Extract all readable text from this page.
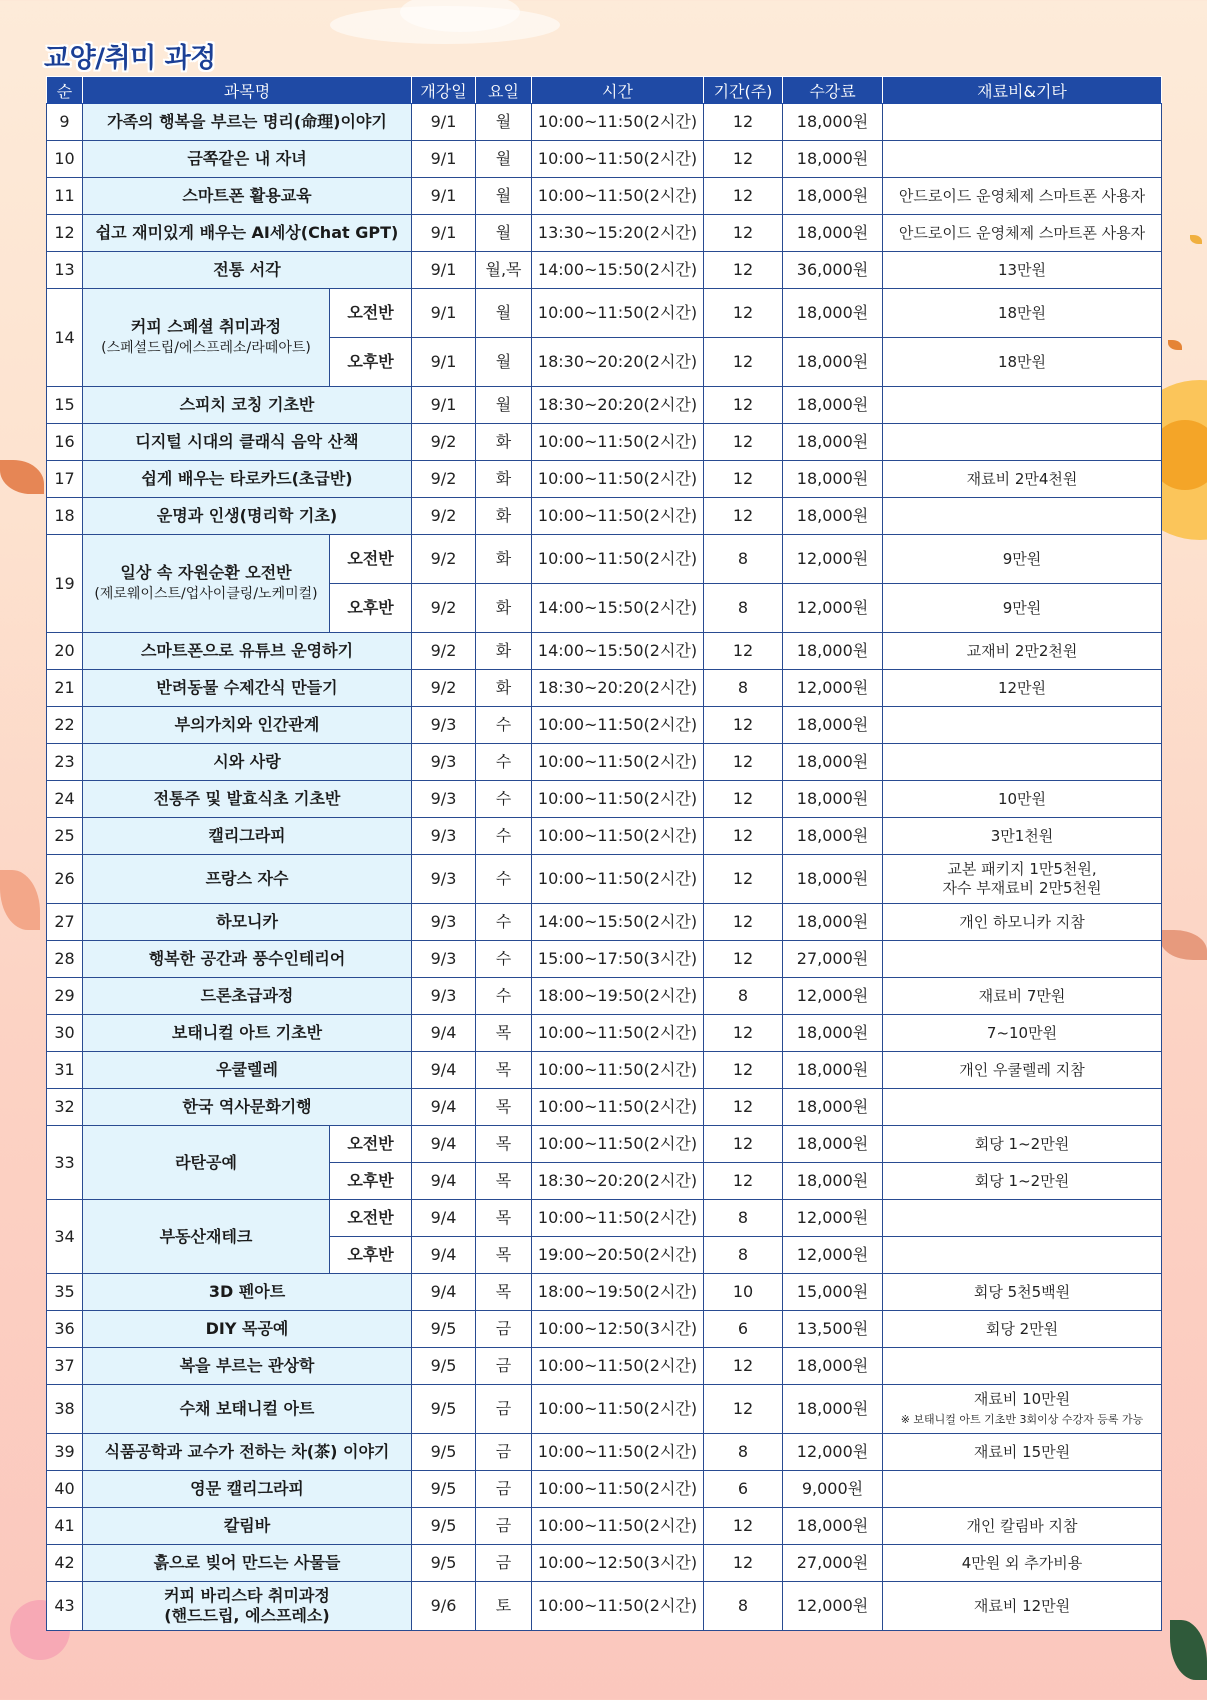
교양/취미 과정
순	과목명		개강일	요일	시간	기간(주)	수강료	재료비&기타
9	가족의 행복을 부르는 명리(命理)이야기		9/1	월	10:00~11:50(2시간)	12	18,000원	
10	금쪽같은 내 자녀		9/1	월	10:00~11:50(2시간)	12	18,000원	
11	스마트폰 활용교육		9/1	월	10:00~11:50(2시간)	12	18,000원	안드로이드 운영체제 스마트폰 사용자
12	쉽고 재미있게 배우는 AI세상(Chat GPT)		9/1	월	13:30~15:20(2시간)	12	18,000원	안드로이드 운영체제 스마트폰 사용자
13	전통 서각		9/1	월,목	14:00~15:50(2시간)	12	36,000원	13만원
14	커피 스페셜 취미과정
(스페셜드립/에스프레소/라떼아트)	오전반	9/1	월	10:00~11:50(2시간)	12	18,000원	18만원
		오후반	9/1	월	18:30~20:20(2시간)	12	18,000원	18만원
15	스피치 코칭 기초반		9/1	월	18:30~20:20(2시간)	12	18,000원	
16	디지털 시대의 클래식 음악 산책		9/2	화	10:00~11:50(2시간)	12	18,000원	
17	쉽게 배우는 타로카드(초급반)		9/2	화	10:00~11:50(2시간)	12	18,000원	재료비 2만4천원
18	운명과 인생(명리학 기초)		9/2	화	10:00~11:50(2시간)	12	18,000원	
19	일상 속 자원순환 오전반
(제로웨이스트/업사이클링/노케미컬)	오전반	9/2	화	10:00~11:50(2시간)	8	12,000원	9만원
		오후반	9/2	화	14:00~15:50(2시간)	8	12,000원	9만원
20	스마트폰으로 유튜브 운영하기		9/2	화	14:00~15:50(2시간)	12	18,000원	교재비 2만2천원
21	반려동물 수제간식 만들기		9/2	화	18:30~20:20(2시간)	8	12,000원	12만원
22	부의가치와 인간관계		9/3	수	10:00~11:50(2시간)	12	18,000원	
23	시와 사랑		9/3	수	10:00~11:50(2시간)	12	18,000원	
24	전통주 및 발효식초 기초반		9/3	수	10:00~11:50(2시간)	12	18,000원	10만원
25	캘리그라피		9/3	수	10:00~11:50(2시간)	12	18,000원	3만1천원
26	프랑스 자수		9/3	수	10:00~11:50(2시간)	12	18,000원	교본 패키지 1만5천원,
자수 부재료비 2만5천원
27	하모니카		9/3	수	14:00~15:50(2시간)	12	18,000원	개인 하모니카 지참
28	행복한 공간과 풍수인테리어		9/3	수	15:00~17:50(3시간)	12	27,000원	
29	드론초급과정		9/3	수	18:00~19:50(2시간)	8	12,000원	재료비 7만원
30	보태니컬 아트 기초반		9/4	목	10:00~11:50(2시간)	12	18,000원	7~10만원
31	우쿨렐레		9/4	목	10:00~11:50(2시간)	12	18,000원	개인 우쿨렐레 지참
32	한국 역사문화기행		9/4	목	10:00~11:50(2시간)	12	18,000원	
33	라탄공예	오전반	9/4	목	10:00~11:50(2시간)	12	18,000원	회당 1~2만원
		오후반	9/4	목	18:30~20:20(2시간)	12	18,000원	회당 1~2만원
34	부동산재테크	오전반	9/4	목	10:00~11:50(2시간)	8	12,000원	
		오후반	9/4	목	19:00~20:50(2시간)	8	12,000원	
35	3D 펜아트		9/4	목	18:00~19:50(2시간)	10	15,000원	회당 5천5백원
36	DIY 목공예		9/5	금	10:00~12:50(3시간)	6	13,500원	회당 2만원
37	복을 부르는 관상학		9/5	금	10:00~11:50(2시간)	12	18,000원	
38	수채 보태니컬 아트		9/5	금	10:00~11:50(2시간)	12	18,000원	재료비 10만원
※ 보태니컬 아트 기초반 3회이상 수강자 등록 가능
39	식품공학과 교수가 전하는 차(茶) 이야기		9/5	금	10:00~11:50(2시간)	8	12,000원	재료비 15만원
40	영문 캘리그라피		9/5	금	10:00~11:50(2시간)	6	9,000원	
41	칼림바		9/5	금	10:00~11:50(2시간)	12	18,000원	개인 칼림바 지참
42	흙으로 빚어 만드는 사물들		9/5	금	10:00~12:50(3시간)	12	27,000원	4만원 외 추가비용
43	커피 바리스타 취미과정
(핸드드립, 에스프레소)		9/6	토	10:00~11:50(2시간)	8	12,000원	재료비 12만원
